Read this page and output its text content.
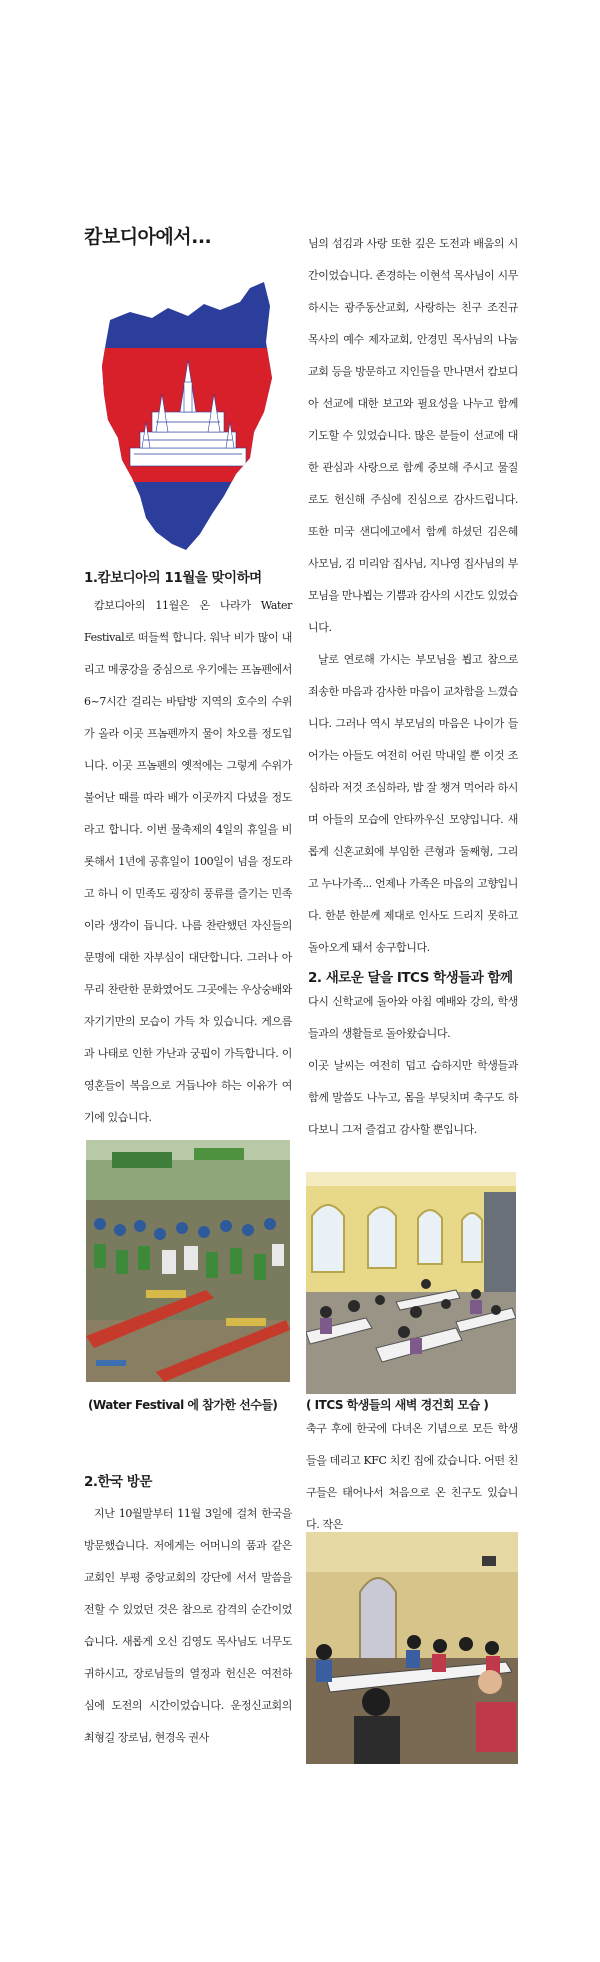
캄보디아에서...
1.캄보디아의 11월을 맞이하며

캄보디아의 11월은 온 나라가 Water Festival로 떠들썩 합니다. 워낙 비가 많이 내리고 메콩강을 중심으로 우기에는 프놈펜에서 6~7시간 걸리는 바탐방 지역의 호수의 수위가 올라 이곳 프놈펜까지 물이 차오를 정도입니다. 이곳 프놈펜의 옛적에는 그렇게 수위가 불어난 때를 따라 배가 이곳까지 다녔을 정도라고 합니다. 이번 물축제의 4일의 휴일을 비롯해서 1년에 공휴일이 100일이 넘을 정도라고 하니 이 민족도 굉장히 풍류를 즐기는 민족이라 생각이 듭니다. 나름 찬란했던 자신들의 문명에 대한 자부심이 대단합니다. 그러나 아무리 찬란한 문화였어도 그곳에는 우상숭배와 자기기만의 모습이 가득 차 있습니다. 게으름과 나태로 인한 가난과 궁핍이 가득합니다. 이 영혼들이 복음으로 거듭나야 하는 이유가 여기에 있습니다.

(Water Festival 에 참가한 선수들)

2.한국 방문

지난 10월말부터 11월 3일에 걸쳐 한국을 방문했습니다. 저에게는 어머니의 품과 같은 교회인 부평 중앙교회의 강단에 서서 말씀을 전할 수 있었던 것은 참으로 감격의 순간이었습니다. 새롭게 오신 김영도 목사님도 너무도 귀하시고, 장로님들의 열정과 헌신은 여전하심에 도전의 시간이었습니다. 운정신교회의 최형길 장로님, 현경옥 권사

님의 섬김과 사랑 또한 깊은 도전과 배움의 시간이었습니다. 존경하는 이현석 목사님이 시무하시는 광주동산교회, 사랑하는 친구 조진규 목사의 예수 제자교회, 안경민 목사님의 나눔 교회 등을 방문하고 지인들을 만나면서 캄보디아 선교에 대한 보고와 필요성을 나누고 함께 기도할 수 있었습니다. 많은 분들이 선교에 대한 관심과 사랑으로 함께 중보해 주시고 물질로도 헌신해 주심에 진심으로 감사드립니다. 또한 미국 샌디에고에서 함께 하셨던 김은혜 사모님, 김 미리암 집사님, 지나영 집사님의 부모님을 만나뵙는 기쁨과 감사의 시간도 있었습니다.

날로 연로해 가시는 부모님을 뵙고 참으로 죄송한 마음과 감사한 마음이 교차함을 느꼈습니다. 그러나 역시 부모님의 마음은 나이가 들어가는 아들도 여전히 어린 막내일 뿐 이것 조심하라 저것 조심하라, 밥 잘 챙겨 먹어라 하시며 아들의 모습에 안타까우신 모양입니다. 새롭게 신혼교회에 부임한 큰형과 둘째형, 그리고 누나가족... 언제나 가족은 마음의 고향입니다. 한분 한분께 제대로 인사도 드리지 못하고 돌아오게 돼서 송구합니다.

2. 새로운 달을 ITCS 학생들과 함께

다시 신학교에 돌아와 아침 예배와 강의, 학생들과의 생활들로 돌아왔습니다.

이곳 날씨는 여전히 덥고 습하지만 학생들과 함께 말씀도 나누고, 몸을 부딪치며 축구도 하다보니 그저 즐겁고 감사할 뿐입니다.

( ITCS 학생들의 새벽 경건회 모습 )

축구 후에 한국에 다녀온 기념으로 모든 학생들을 데리고 KFC 치킨 집에 갔습니다. 어떤 친구들은 태어나서 처음으로 온 친구도 있습니다. 작은
